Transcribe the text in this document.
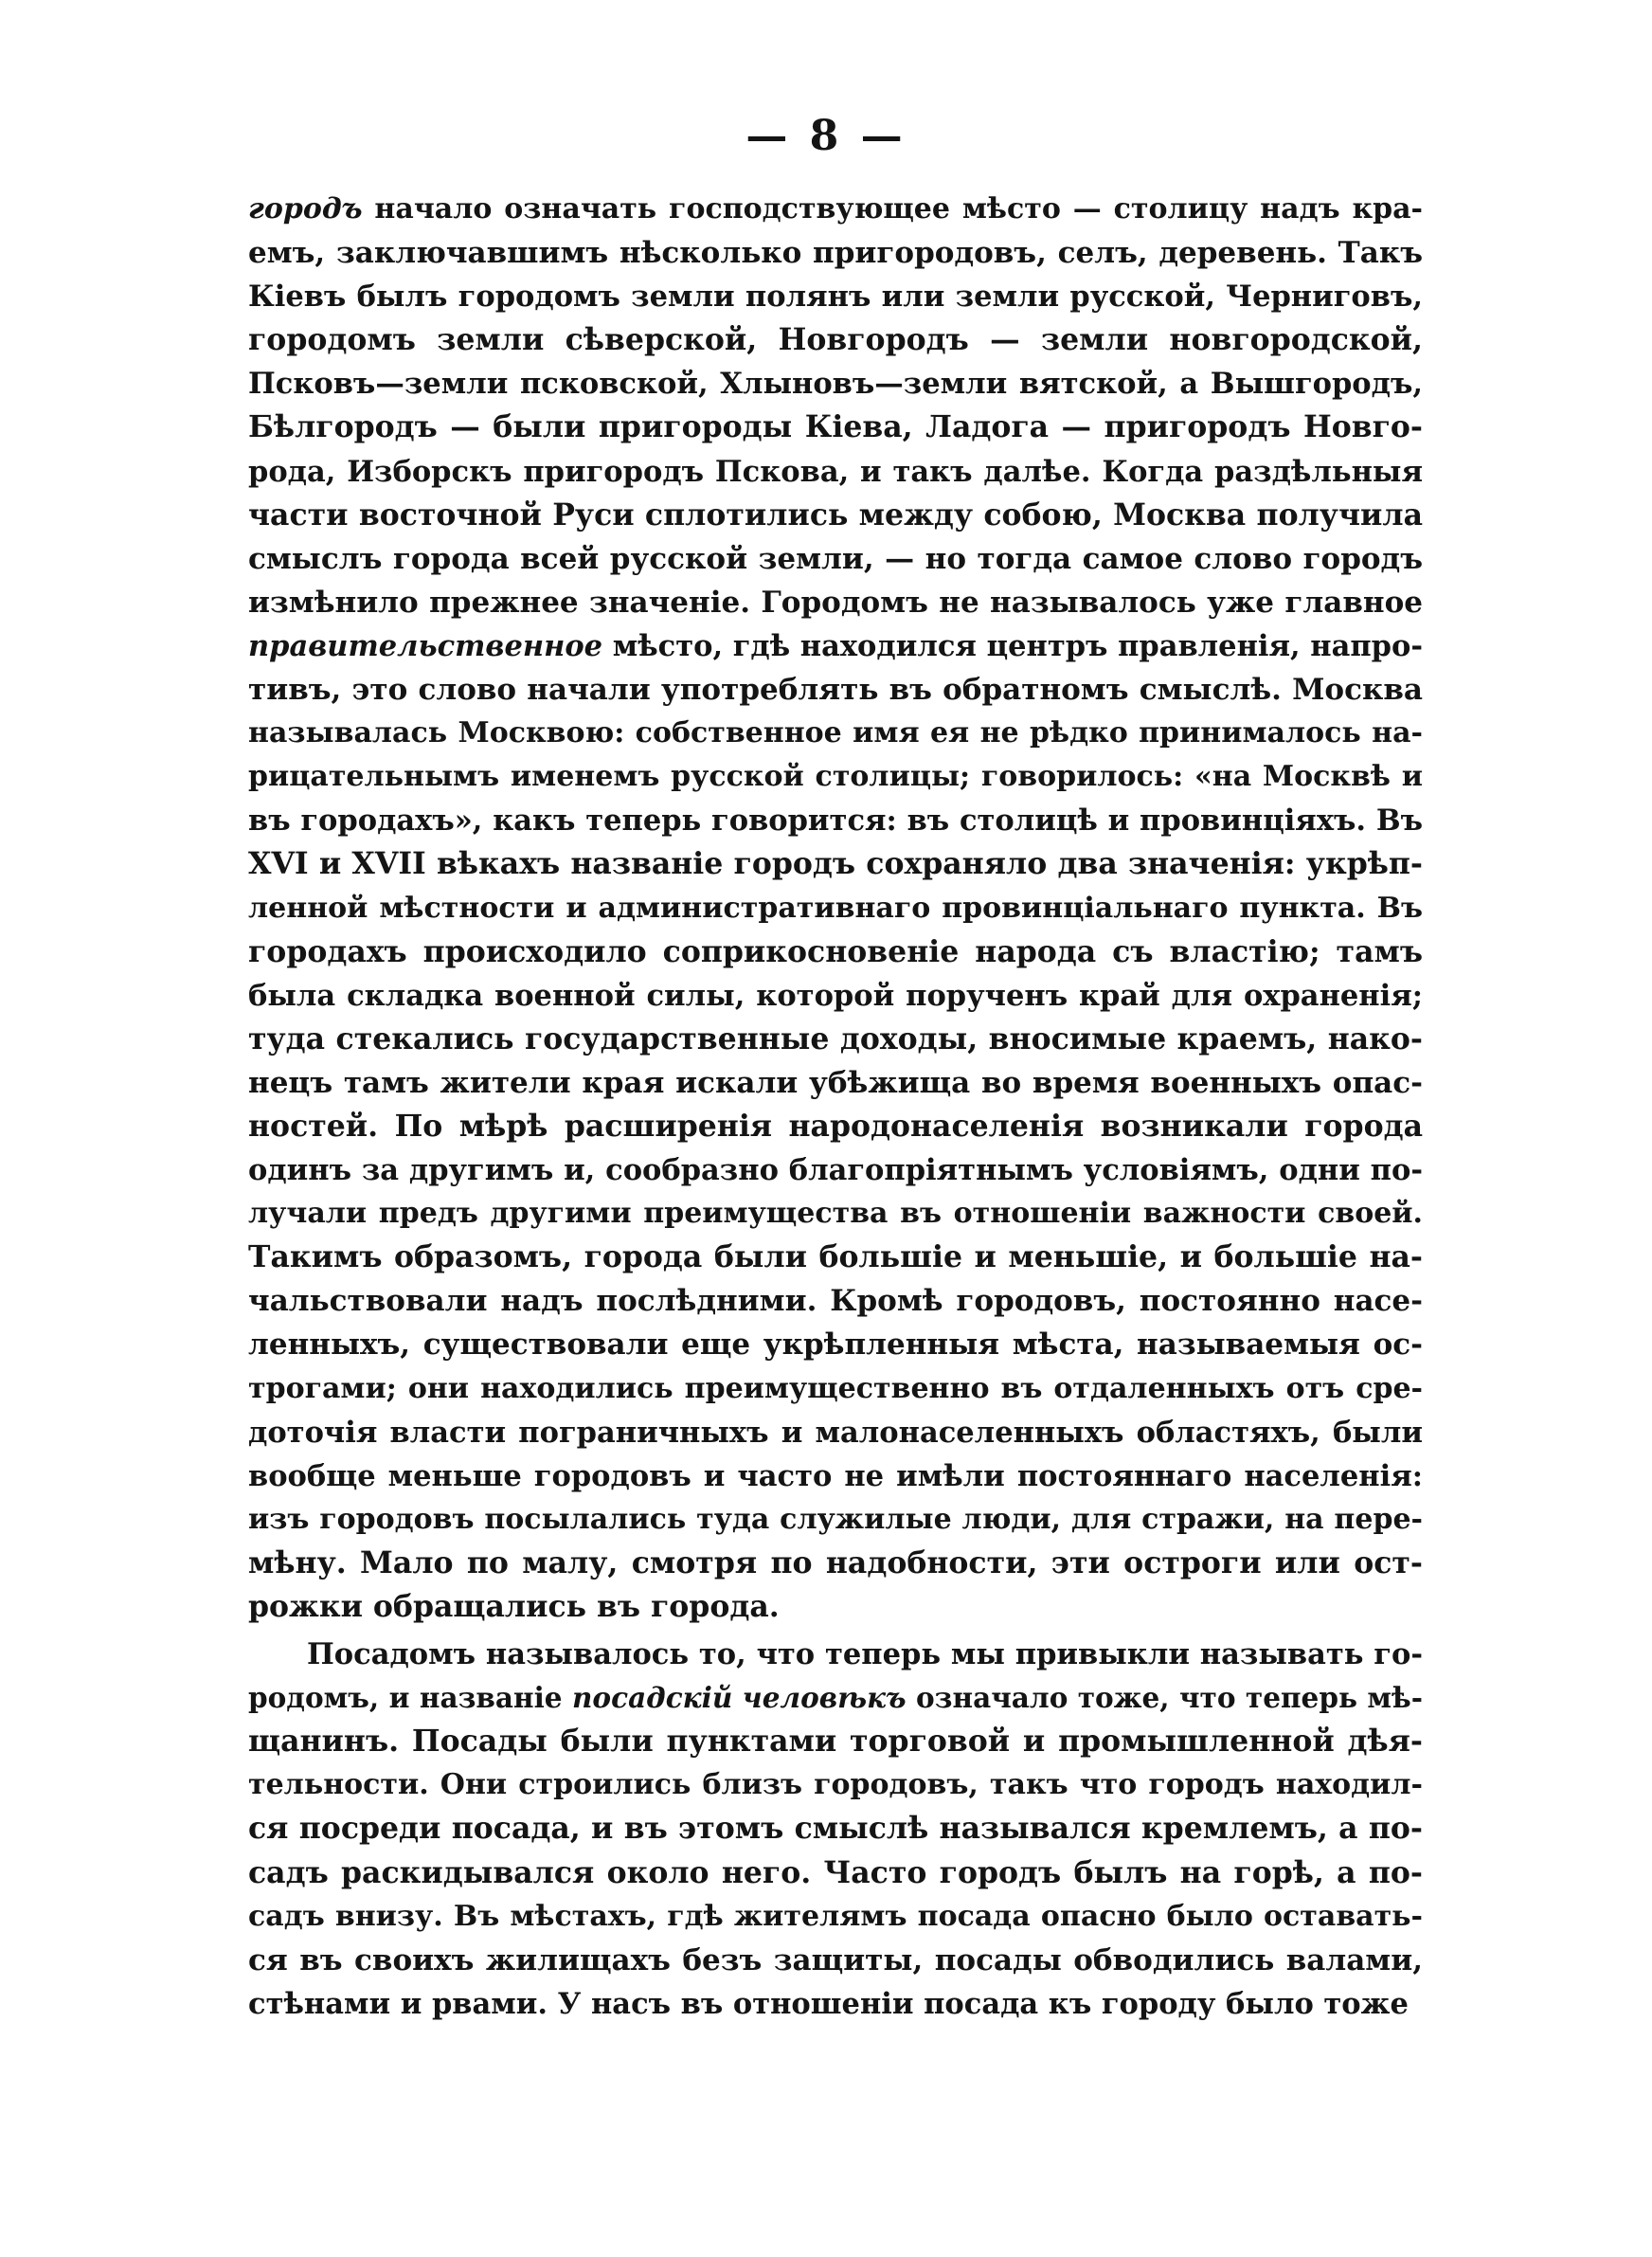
— 8 —
городъ начало означать господствующее мѣсто — столицу надъ кра-
емъ, заключавшимъ нѣсколько пригородовъ, селъ, деревень. Такъ
Кіевъ былъ городомъ земли полянъ или земли русской, Черниговъ,
городомъ земли сѣверской, Новгородъ — земли новгородской,
Псковъ—земли псковской, Хлыновъ—земли вятской, а Вышгородъ,
Бѣлгородъ — были пригороды Кіева, Ладога — пригородъ Новго-
рода, Изборскъ пригородъ Пскова, и такъ далѣе. Когда раздѣльныя
части восточной Руси сплотились между собою, Москва получила
смыслъ города всей русской земли, — но тогда самое слово городъ
измѣнило прежнее значеніе. Городомъ не называлось уже главное
правительственное мѣсто, гдѣ находился центръ правленія, напро-
тивъ, это слово начали употреблять въ обратномъ смыслѣ. Москва
называлась Москвою: собственное имя ея не рѣдко принималось на-
рицательнымъ именемъ русской столицы; говорилось: «на Москвѣ и
въ городахъ», какъ теперь говорится: въ столицѣ и провинціяхъ. Въ
XVI и XVII вѣкахъ названіе городъ сохраняло два значенія: укрѣп-
ленной мѣстности и административнаго провинціальнаго пункта. Въ
городахъ происходило соприкосновеніе народа съ властію; тамъ
была складка военной силы, которой порученъ край для охраненія;
туда стекались государственные доходы, вносимые краемъ, нако-
нецъ тамъ жители края искали убѣжища во время военныхъ опас-
ностей. По мѣрѣ расширенія народонаселенія возникали города
одинъ за другимъ и, сообразно благопріятнымъ условіямъ, одни по-
лучали предъ другими преимущества въ отношеніи важности своей.
Такимъ образомъ, города были большіе и меньшіе, и большіе на-
чальствовали надъ послѣдними. Кромѣ городовъ, постоянно насе-
ленныхъ, существовали еще укрѣпленныя мѣста, называемыя ос-
трогами; они находились преимущественно въ отдаленныхъ отъ сре-
доточія власти пограничныхъ и малонаселенныхъ областяхъ, были
вообще меньше городовъ и часто не имѣли постояннаго населенія:
изъ городовъ посылались туда служилые люди, для стражи, на пере-
мѣну. Мало по малу, смотря по надобности, эти остроги или ост-
рожки обращались въ города.
Посадомъ называлось то, что теперь мы привыкли называть го-
родомъ, и названіе посадскій человѣкъ означало тоже, что теперь мѣ-
щанинъ. Посады были пунктами торговой и промышленной дѣя-
тельности. Они строились близъ городовъ, такъ что городъ находил-
ся посреди посада, и въ этомъ смыслѣ назывался кремлемъ, а по-
садъ раскидывался около него. Часто городъ былъ на горѣ, а по-
садъ внизу. Въ мѣстахъ, гдѣ жителямъ посада опасно было оставать-
ся въ своихъ жилищахъ безъ защиты, посады обводились валами,
стѣнами и рвами. У насъ въ отношеніи посада къ городу было тоже
